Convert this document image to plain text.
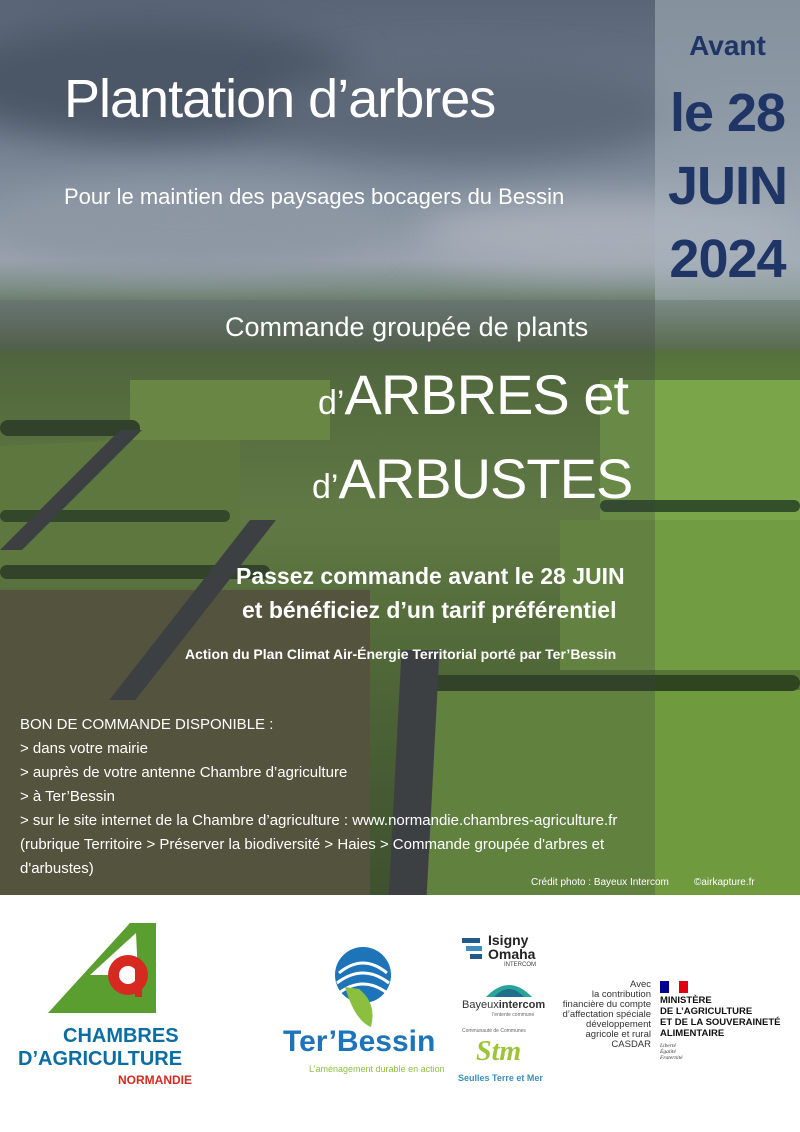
Plantation d’arbres
Pour le maintien des paysages bocagers du Bessin
Avant
le 28
JUIN
2024
Commande groupée de plants
d’ARBRES et
d’ARBUSTES
Passez commande avant le 28 JUIN
et bénéficiez d’un tarif préférentiel
Action du Plan Climat Air-Énergie Territorial porté par Ter’Bessin
BON DE COMMANDE DISPONIBLE :
> dans votre mairie
> auprès de votre antenne Chambre d’agriculture
> à Ter’Bessin
> sur le site internet de la Chambre d’agriculture : www.normandie.chambres-agriculture.fr
(rubrique Territoire > Préserver la biodiversité > Haies > Commande groupée d'arbres et
d'arbustes)
Crédit photo : Bayeux Intercom	©airkapture.fr
CHAMBRES
D’AGRICULTURE
NORMANDIE
Ter’Bessin
L’aménagement durable en action
Isigny
Omaha
INTERCOM
Bayeuxintercom
l’entente commune
Communauté de Communes
Stm
Seulles Terre et Mer
Avec
la contribution
financière du compte
d’affectation spéciale
développement
agricole et rural
CASDAR
MINISTÈRE
DE L’AGRICULTURE
ET DE LA SOUVERAINETÉ
ALIMENTAIRE
Liberté
Égalité
Fraternité
